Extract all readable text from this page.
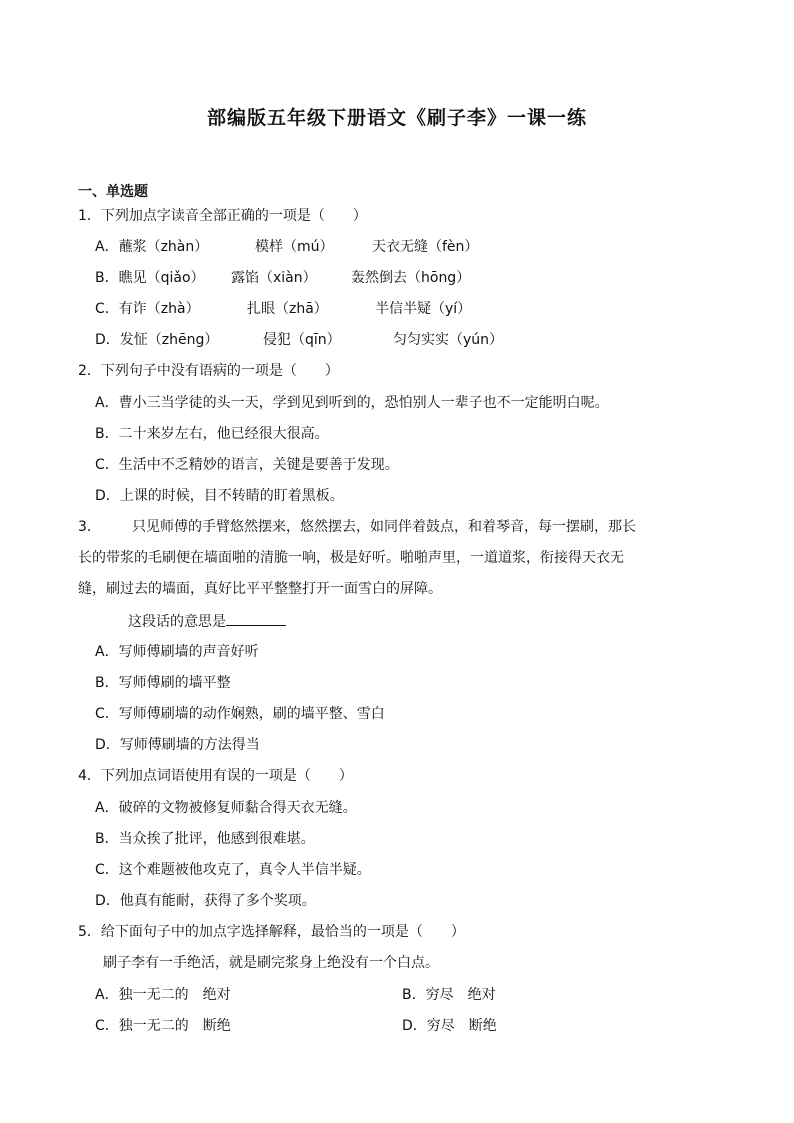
部编版五年级下册语文《刷子李》一课一练
一、单选题
1．下列加点字读音全部正确的一项是（　　）
A．蘸浆（zhàn）	模样（mú）	天衣无缝（fèn）
B．瞧见（qiǎo） 露馅（xiàn） 轰然倒去（hōng）
C．有诈（zhà）	扎眼（zhā）	半信半疑（yí）
D．发怔（zhēng）	侵犯（qīn）	匀匀实实（yún）
2．下列句子中没有语病的一项是（　　）
A．曹小三当学徒的头一天，学到见到听到的，恐怕别人一辈子也不一定能明白呢。
B．二十来岁左右，他已经很大很高。
C．生活中不乏精妙的语言，关键是要善于发现。
D．上课的时候，目不转睛的盯着黑板。
3． 只见师傅的手臂悠然摆来，悠然摆去，如同伴着鼓点，和着琴音，每一摆刷，那长
长的带浆的毛刷便在墙面啪的清脆一响，极是好听。啪啪声里，一道道浆，衔接得天衣无
缝，刷过去的墙面，真好比平平整整打开一面雪白的屏障。
这段话的意思是
A．写师傅刷墙的声音好听
B．写师傅刷的墙平整
C．写师傅刷墙的动作娴熟，刷的墙平整、雪白
D．写师傅刷墙的方法得当
4．下列加点词语使用有误的一项是（　　）
A．破碎的文物被修复师黏合得天衣无缝。
B．当众挨了批评，他感到很难堪。
C．这个难题被他攻克了，真令人半信半疑。
D．他真有能耐，获得了多个奖项。
5．给下面句子中的加点字选择解释，最恰当的一项是（　　）
刷子李有一手绝活，就是刷完浆身上绝没有一个白点。
A．独一无二的　绝对	B．穷尽　绝对
C．独一无二的　断绝	D．穷尽　断绝
